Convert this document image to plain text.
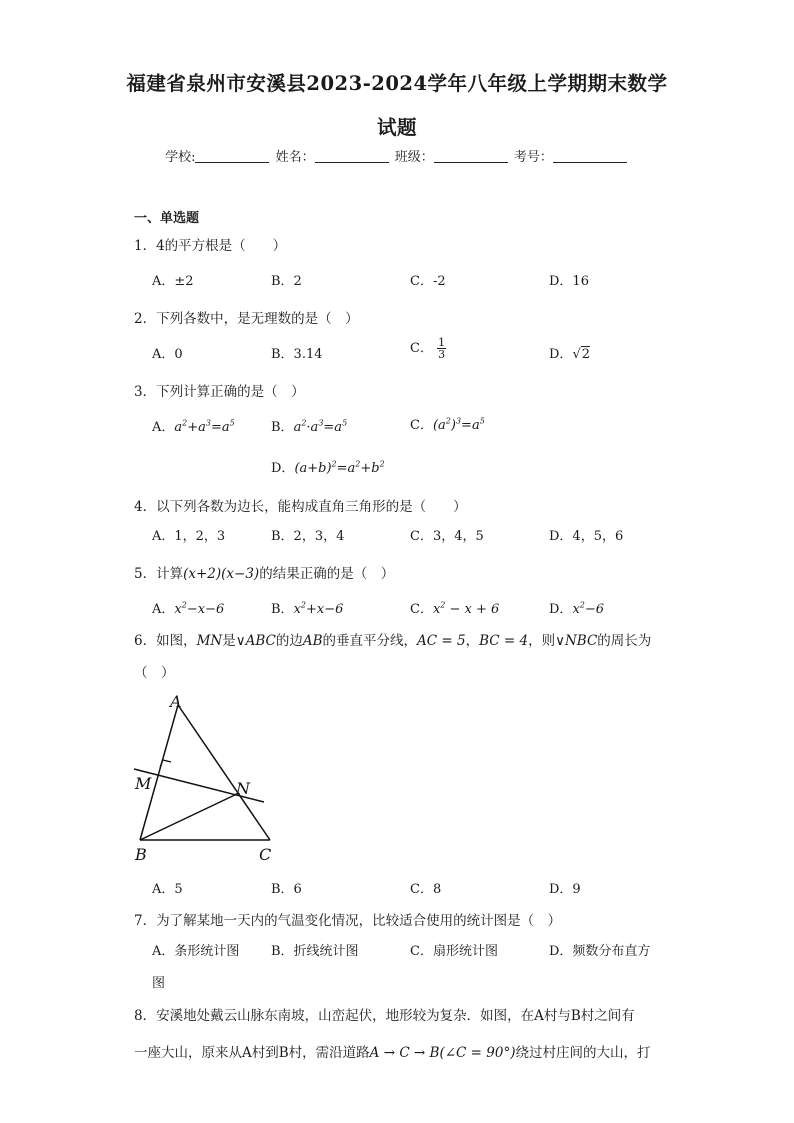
福建省泉州市安溪县2023-2024学年八年级上学期期末数学
试题
学校:	姓名：	班级：	考号：
一、单选题
1．4的平方根是（　　）
A．±2	B．2	C．-2	D．16
2．下列各数中，是无理数的是（　）
A．0	B．3.14	C． $\frac{1}{3}$	D．√2
3．下列计算正确的是（　）
A．$a^2+a^3=a^5$	B．$a^2\cdot a^3=a^5$	C．$(a^2)^3=a^5$
D．$(a+b)^2=a^2+b^2$
4．以下列各数为边长，能构成直角三角形的是（　　）
A．1，2，3	B．2，3，4	C．3，4，5	D．4，5，6
5．计算(x+2)(x−3)的结果正确的是（　）
A．$x^2-x-6$	B．$x^2+x-6$	C．$x^2 - x + 6$	D．$x^2-6$
6．如图，MN是∨ABC的边AB的垂直平分线，AC = 5，BC = 4，则∨NBC的周长为
（　）
A
M	N
B	C
A．5	B．6	C．8	D．9
7．为了解某地一天内的气温变化情况，比较适合使用的统计图是（　）
A．条形统计图 B．折线统计图	C．扇形统计图	D．频数分布直方
图
8．安溪地处戴云山脉东南坡，山峦起伏，地形较为复杂．如图，在A村与B村之间有
一座大山，原来从A村到B村，需沿道路A → C → B(∠C = 90°)绕过村庄间的大山，打
